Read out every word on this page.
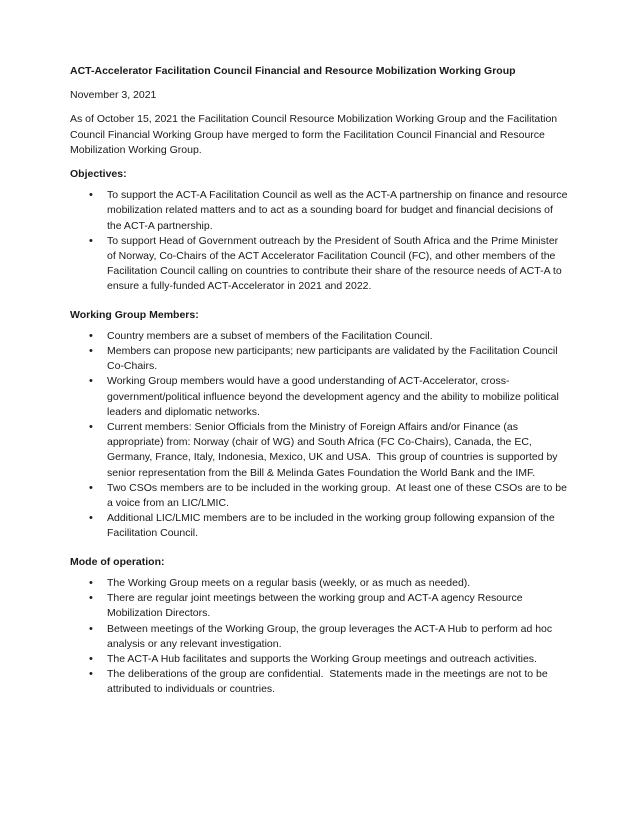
ACT-Accelerator Facilitation Council Financial and Resource Mobilization Working Group

November 3, 2021

As of October 15, 2021 the Facilitation Council Resource Mobilization Working Group and the Facilitation Council Financial Working Group have merged to form the Facilitation Council Financial and Resource Mobilization Working Group.

Objectives:

• To support the ACT-A Facilitation Council as well as the ACT-A partnership on finance and resource mobilization related matters and to act as a sounding board for budget and financial decisions of the ACT-A partnership.
• To support Head of Government outreach by the President of South Africa and the Prime Minister of Norway, Co-Chairs of the ACT Accelerator Facilitation Council (FC), and other members of the Facilitation Council calling on countries to contribute their share of the resource needs of ACT-A to ensure a fully-funded ACT-Accelerator in 2021 and 2022.

Working Group Members:

• Country members are a subset of members of the Facilitation Council.
• Members can propose new participants; new participants are validated by the Facilitation Council Co-Chairs.
• Working Group members would have a good understanding of ACT-Accelerator, cross-government/political influence beyond the development agency and the ability to mobilize political leaders and diplomatic networks.
• Current members: Senior Officials from the Ministry of Foreign Affairs and/or Finance (as appropriate) from: Norway (chair of WG) and South Africa (FC Co-Chairs), Canada, the EC, Germany, France, Italy, Indonesia, Mexico, UK and USA.  This group of countries is supported by senior representation from the Bill & Melinda Gates Foundation the World Bank and the IMF.
• Two CSOs members are to be included in the working group.  At least one of these CSOs are to be a voice from an LIC/LMIC.
• Additional LIC/LMIC members are to be included in the working group following expansion of the Facilitation Council.

Mode of operation:

• The Working Group meets on a regular basis (weekly, or as much as needed).
• There are regular joint meetings between the working group and ACT-A agency Resource Mobilization Directors.
• Between meetings of the Working Group, the group leverages the ACT-A Hub to perform ad hoc analysis or any relevant investigation.
• The ACT-A Hub facilitates and supports the Working Group meetings and outreach activities.
• The deliberations of the group are confidential.  Statements made in the meetings are not to be attributed to individuals or countries.
